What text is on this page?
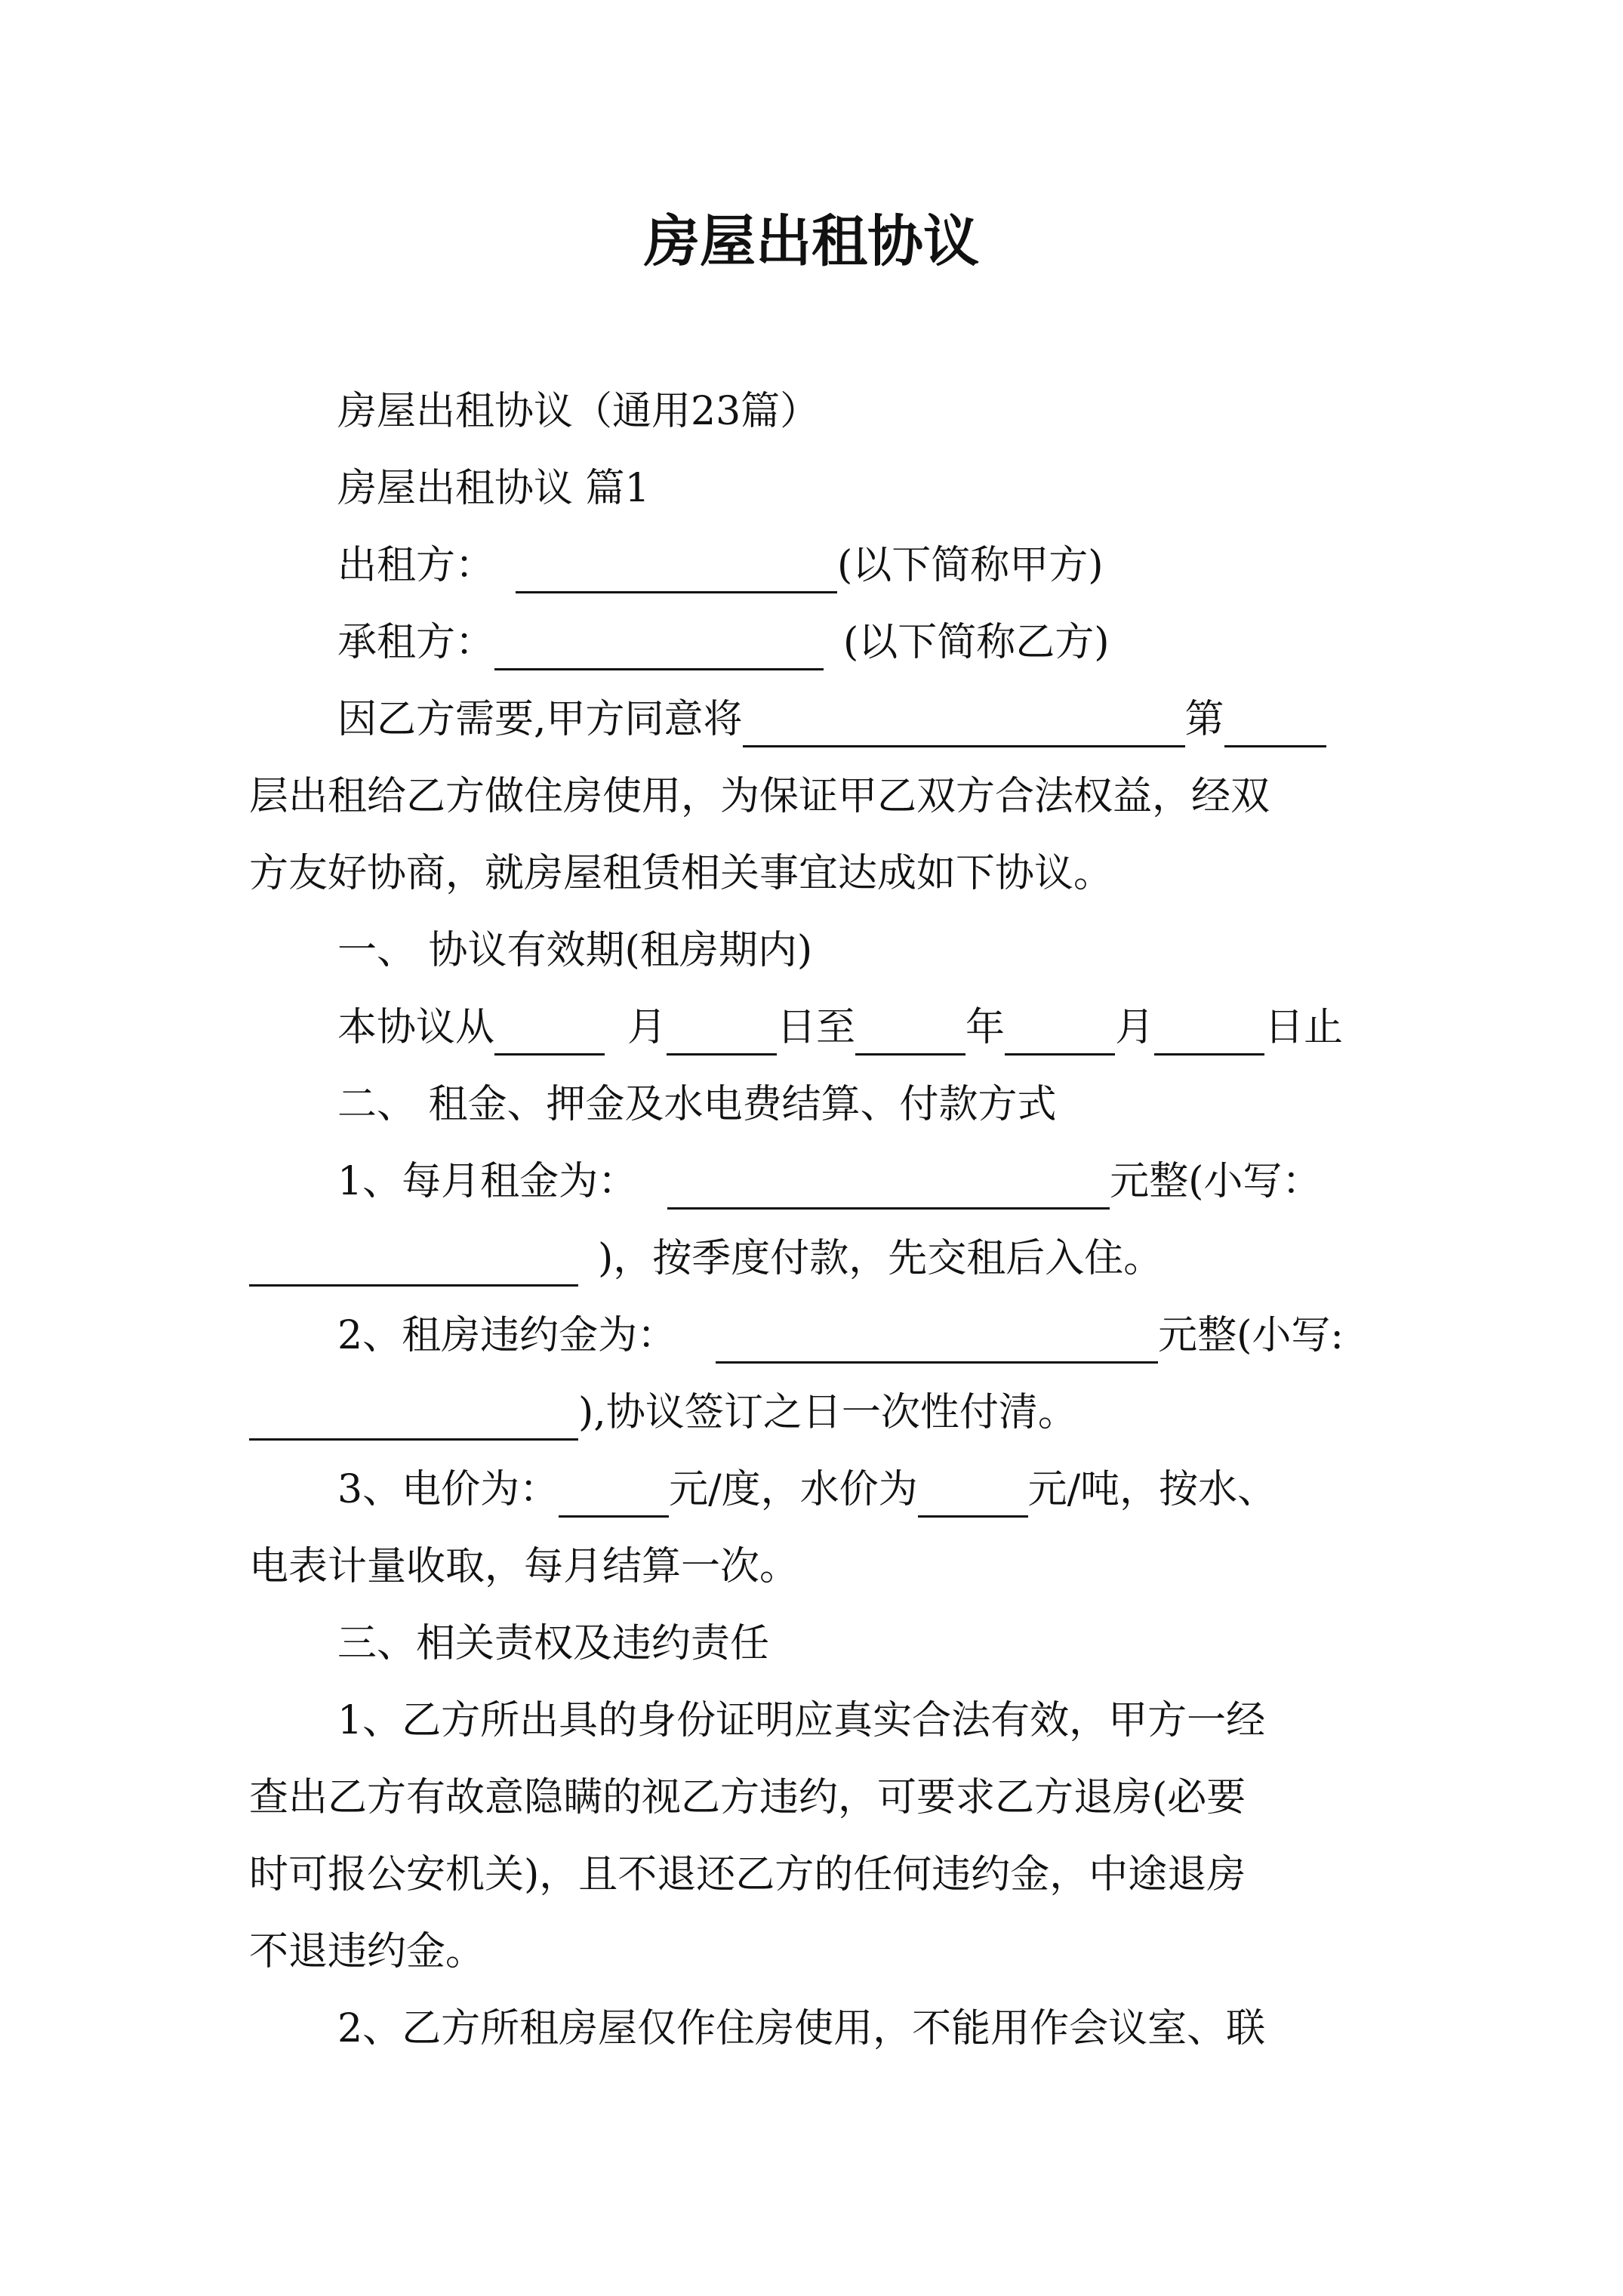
房屋出租协议
房屋出租协议（通用23篇）
房屋出租协议 篇1
出租方：	(以下简称甲方)
承租方：	(以下简称乙方)
因乙方需要,甲方同意将	第
层出租给乙方做住房使用，为保证甲乙双方合法权益，经双
方友好协商，就房屋租赁相关事宜达成如下协议。
一、 协议有效期(租房期内)
本协议从	月	日至	年	月	日止
二、 租金、押金及水电费结算、付款方式
1、每月租金为：	元整(小写：
)，按季度付款，先交租后入住。
2、租房违约金为：	元整(小写:
),协议签订之日一次性付清。
3、电价为：	元/度，水价为	元/吨，按水、
电表计量收取，每月结算一次。
三、相关责权及违约责任
1、乙方所出具的身份证明应真实合法有效，甲方一经
查出乙方有故意隐瞒的视乙方违约，可要求乙方退房(必要
时可报公安机关)，且不退还乙方的任何违约金，中途退房
不退违约金。
2、乙方所租房屋仅作住房使用，不能用作会议室、联
